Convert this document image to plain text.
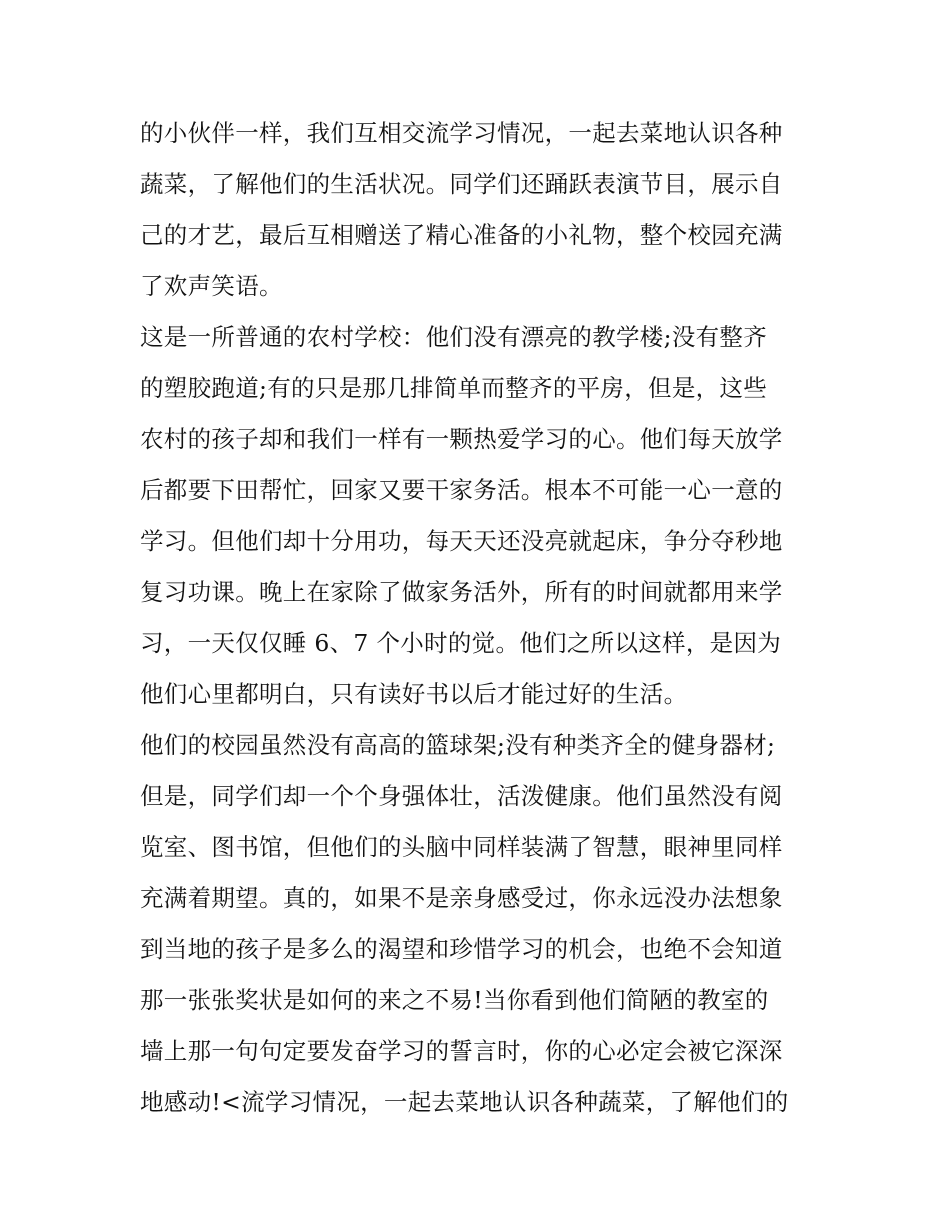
的小伙伴一样，我们互相交流学习情况，一起去菜地认识各种
蔬菜，了解他们的生活状况。同学们还踊跃表演节目，展示自
己的才艺，最后互相赠送了精心准备的小礼物，整个校园充满
了欢声笑语。
这是一所普通的农村学校：他们没有漂亮的教学楼;没有整齐
的塑胶跑道;有的只是那几排简单而整齐的平房，但是，这些
农村的孩子却和我们一样有一颗热爱学习的心。他们每天放学
后都要下田帮忙，回家又要干家务活。根本不可能一心一意的
学习。但他们却十分用功，每天天还没亮就起床，争分夺秒地
复习功课。晚上在家除了做家务活外，所有的时间就都用来学
习，一天仅仅睡 6、7 个小时的觉。他们之所以这样，是因为
他们心里都明白，只有读好书以后才能过好的生活。
他们的校园虽然没有高高的篮球架;没有种类齐全的健身器材;
但是，同学们却一个个身强体壮，活泼健康。他们虽然没有阅
览室、图书馆，但他们的头脑中同样装满了智慧，眼神里同样
充满着期望。真的，如果不是亲身感受过，你永远没办法想象
到当地的孩子是多么的渴望和珍惜学习的机会，也绝不会知道
那一张张奖状是如何的来之不易!当你看到他们简陋的教室的
墙上那一句句定要发奋学习的誓言时，你的心必定会被它深深
地感动!<流学习情况，一起去菜地认识各种蔬菜，了解他们的
